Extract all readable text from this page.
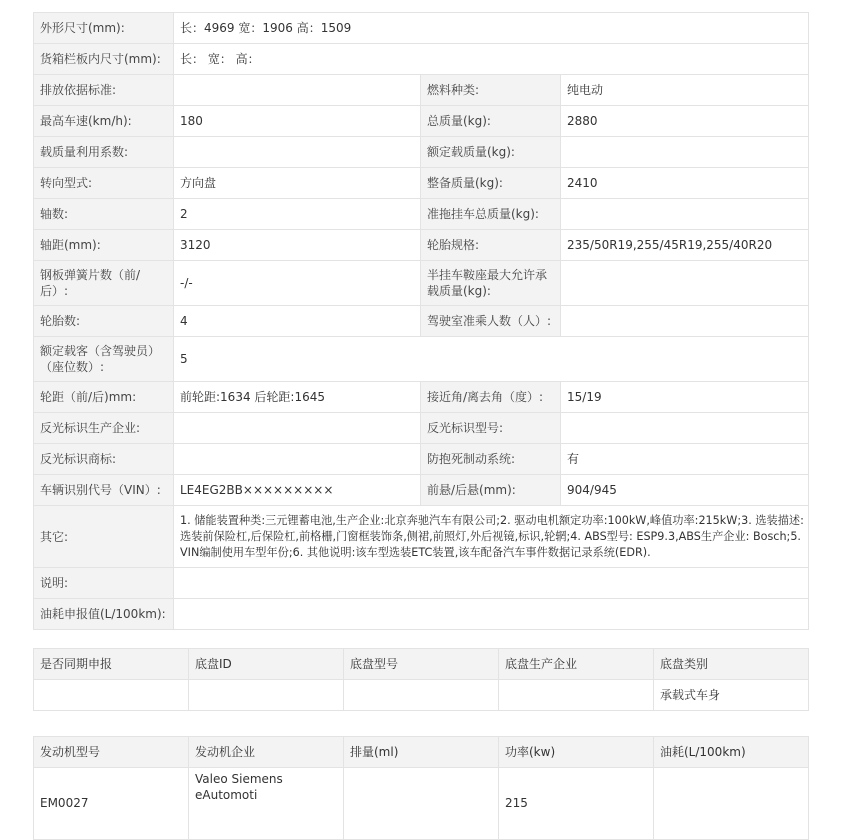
外形尺寸(mm):	长：4969 宽：1906 高：1509		
货箱栏板内尺寸(mm):	长： 宽： 高：		
排放依据标准:		燃料种类:	纯电动
最高车速(km/h):	180	总质量(kg):	2880
载质量利用系数:		额定载质量(kg):	
转向型式:	方向盘	整备质量(kg):	2410
轴数:	2	准拖挂车总质量(kg):	
轴距(mm):	3120	轮胎规格:	235/50R19,255/45R19,255/40R20
钢板弹簧片数（前/后）:	-/-	半挂车鞍座最大允许承载质量(kg):	
轮胎数:	4	驾驶室准乘人数（人）:	
额定载客（含驾驶员）（座位数）:	5		
轮距（前/后)mm:	前轮距:1634 后轮距:1645	接近角/离去角（度）:	15/19
反光标识生产企业:		反光标识型号:	
反光标识商标:		防抱死制动系统:	有
车辆识别代号（VIN）:	LE4EG2BB×××××××××	前悬/后悬(mm):	904/945
其它:	1. 储能装置种类:三元锂蓄电池,生产企业:北京奔驰汽车有限公司;2. 驱动电机额定功率:100kW,峰值功率:215kW;3. 选装描述:选装前保险杠,后保险杠,前格栅,门窗框装饰条,侧裙,前照灯,外后视镜,标识,轮辋;4. ABS型号: ESP9.3,ABS生产企业: Bosch;5. VIN编制使用车型年份;6. 其他说明:该车型选装ETC装置,该车配备汽车事件数据记录系统(EDR).		
说明:			
油耗申报值(L/100km):			
是否同期申报	底盘ID	底盘型号	底盘生产企业	底盘类别
				承载式车身
发动机型号	发动机企业	排量(ml)	功率(kw)	油耗(L/100km)
EM0027	Valeo Siemens eAutomoti		215	
